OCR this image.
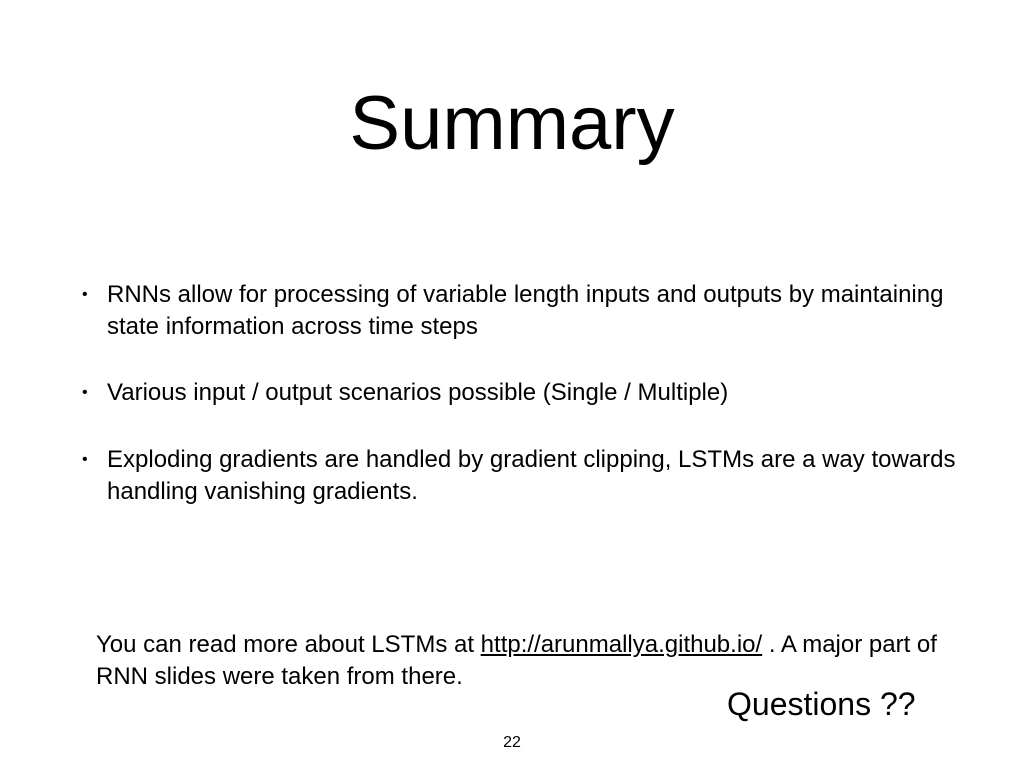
Summary
• RNNs allow for processing of variable length inputs and outputs by maintaining state information across time steps
• Various input / output scenarios possible (Single / Multiple)
• Exploding gradients are handled by gradient clipping, LSTMs are a way towards handling vanishing gradients.
You can read more about LSTMs at http://arunmallya.github.io/ . A major part of RNN slides were taken from there.
Questions ??
22
